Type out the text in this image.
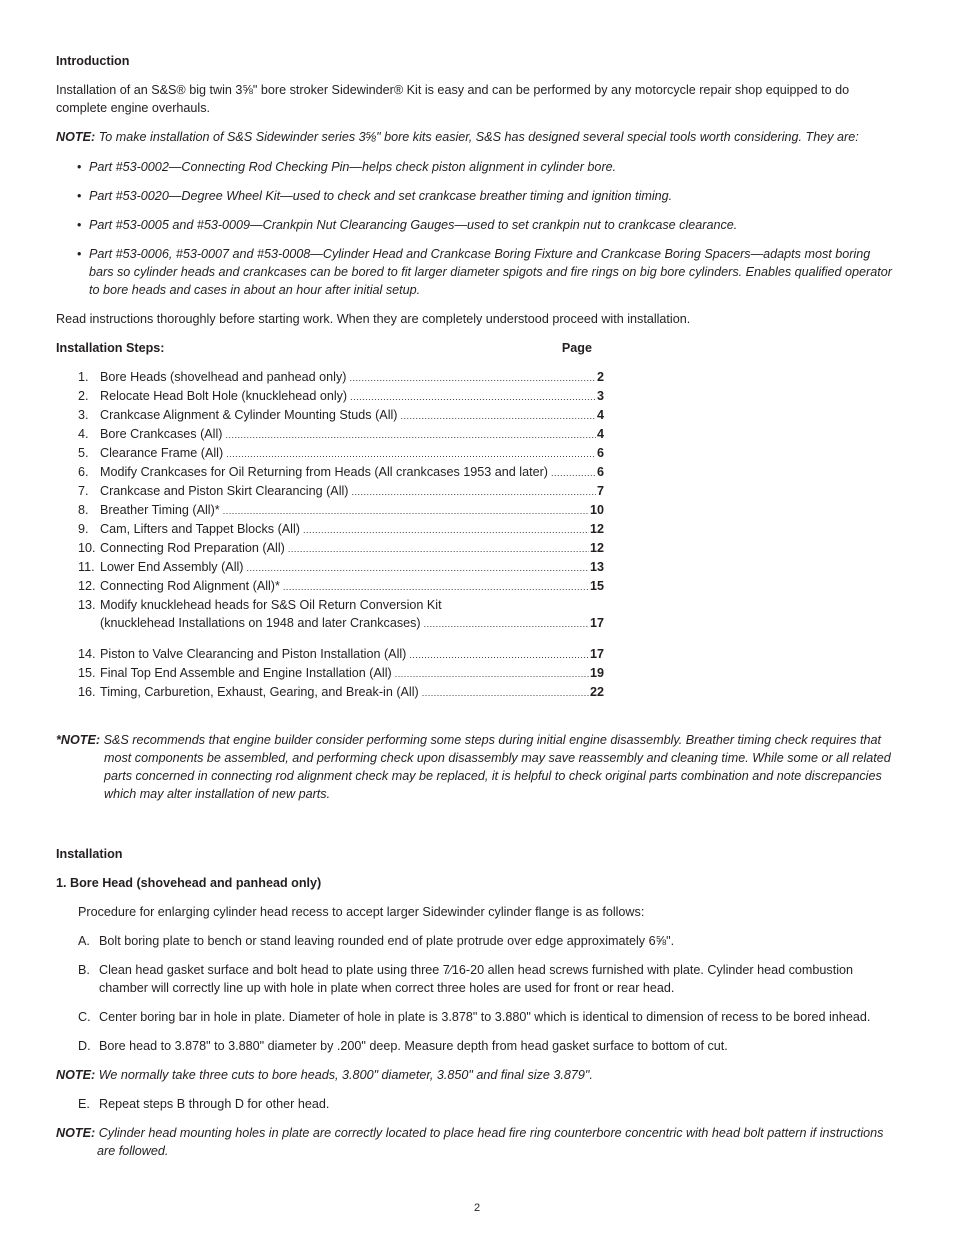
Introduction

Installation of an S&S® big twin 3⅝" bore stroker Sidewinder® Kit is easy and can be performed by any motorcycle repair shop equipped to do complete engine overhauls.

NOTE: To make installation of S&S Sidewinder series 3⅝" bore kits easier, S&S has designed several special tools worth considering. They are:

• Part #53-0002—Connecting Rod Checking Pin—helps check piston alignment in cylinder bore.
• Part #53-0020—Degree Wheel Kit—used to check and set crankcase breather timing and ignition timing.
• Part #53-0005 and #53-0009—Crankpin Nut Clearancing Gauges—used to set crankpin nut to crankcase clearance.
• Part #53-0006, #53-0007 and #53-0008—Cylinder Head and Crankcase Boring Fixture and Crankcase Boring Spacers—adapts most boring bars so cylinder heads and crankcases can be bored to fit larger diameter spigots and fire rings on big bore cylinders. Enables qualified operator to bore heads and cases in about an hour after initial setup.

Read instructions thoroughly before starting work. When they are completely understood proceed with installation.

Installation Steps:	Page
1. Bore Heads (shovelhead and panhead only) .....	2
2. Relocate Head Bolt Hole (knucklehead only) .....	3
3. Crankcase Alignment & Cylinder Mounting Studs (All) .....	4
4. Bore Crankcases (All) .....	4
5. Clearance Frame (All) .....	6
6. Modify Crankcases for Oil Returning from Heads (All crankcases 1953 and later) .....	6
7. Crankcase and Piston Skirt Clearancing (All) .....	7
8. Breather Timing (All)* .....	10
9. Cam, Lifters and Tappet Blocks (All) .....	12
10. Connecting Rod Preparation (All) .....	12
11. Lower End Assembly (All) .....	13
12. Connecting Rod Alignment (All)* .....	15
13. Modify knucklehead heads for S&S Oil Return Conversion Kit
(knucklehead Installations on 1948 and later Crankcases) .....	17
14. Piston to Valve Clearancing and Piston Installation (All) .....	17
15. Final Top End Assemble and Engine Installation (All) .....	19
16. Timing, Carburetion, Exhaust, Gearing, and Break-in (All) .....	22

*NOTE: S&S recommends that engine builder consider performing some steps during initial engine disassembly. Breather timing check requires that most components be assembled, and performing check upon disassembly may save reassembly and cleaning time. While some or all related parts concerned in connecting rod alignment check may be replaced, it is helpful to check original parts combination and note discrepancies which may alter installation of new parts.

Installation

1. Bore Head (shovehead and panhead only)

Procedure for enlarging cylinder head recess to accept larger Sidewinder cylinder flange is as follows:

A. Bolt boring plate to bench or stand leaving rounded end of plate protrude over edge approximately 6⅝".
B. Clean head gasket surface and bolt head to plate using three 7⁄16-20 allen head screws furnished with plate. Cylinder head combustion chamber will correctly line up with hole in plate when correct three holes are used for front or rear head.
C. Center boring bar in hole in plate. Diameter of hole in plate is 3.878" to 3.880" which is identical to dimension of recess to be bored inhead.
D. Bore head to 3.878" to 3.880" diameter by .200" deep. Measure depth from head gasket surface to bottom of cut.

NOTE: We normally take three cuts to bore heads, 3.800" diameter, 3.850" and final size 3.879".

E. Repeat steps B through D for other head.

NOTE: Cylinder head mounting holes in plate are correctly located to place head fire ring counterbore concentric with head bolt pattern if instructions are followed.

2
